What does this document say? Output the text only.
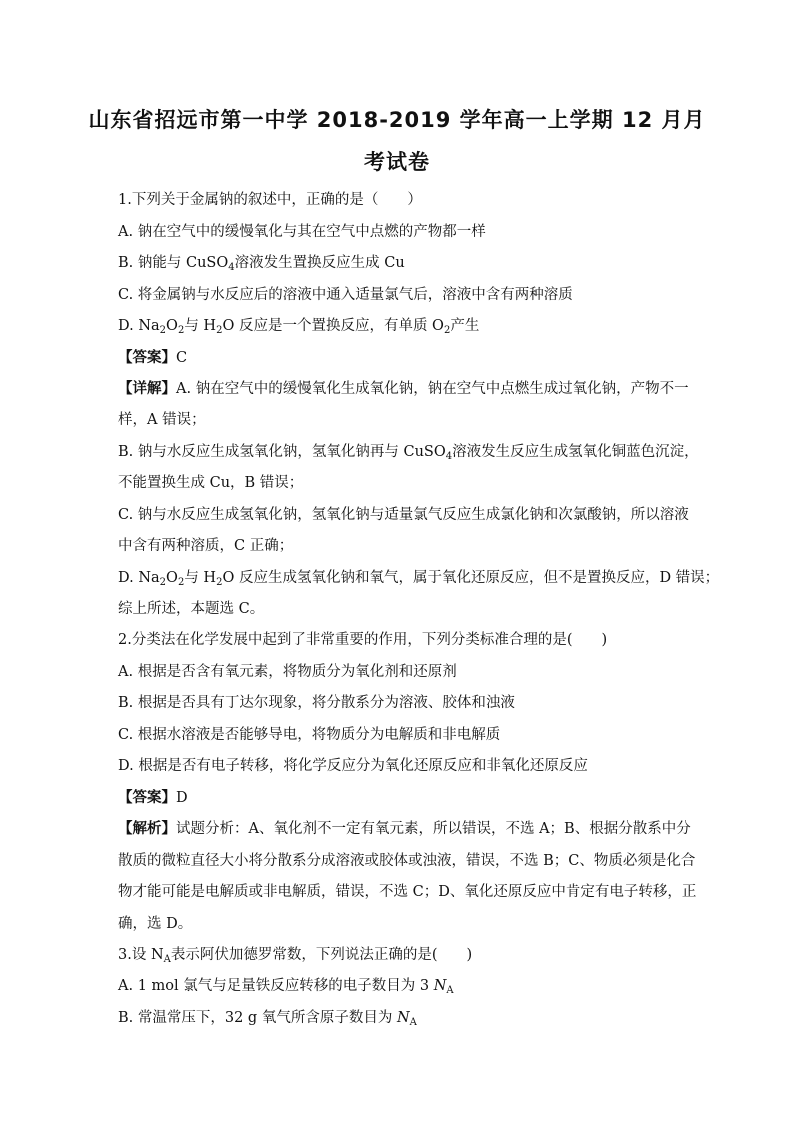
山东省招远市第一中学 2018-2019 学年高一上学期 12 月月
考试卷
1.下列关于金属钠的叙述中，正确的是（　　）
A. 钠在空气中的缓慢氧化与其在空气中点燃的产物都一样
B. 钠能与 CuSO$_4$溶液发生置换反应生成 Cu
C. 将金属钠与水反应后的溶液中通入适量氯气后，溶液中含有两种溶质
D. $Na_2O_2$与 $H_2O$ 反应是一个置换反应，有单质 $O_2$产生
【答案】C
【详解】A. 钠在空气中的缓慢氧化生成氧化钠，钠在空气中点燃生成过氧化钠，产物不一
样，A 错误；
B. 钠与水反应生成氢氧化钠，氢氧化钠再与 CuSO$_4$溶液发生反应生成氢氧化铜蓝色沉淀，
不能置换生成 Cu，B 错误；
C. 钠与水反应生成氢氧化钠，氢氧化钠与适量氯气反应生成氯化钠和次氯酸钠，所以溶液
中含有两种溶质，C 正确；
D. $Na_2O_2$与 $H_2O$ 反应生成氢氧化钠和氧气，属于氧化还原反应，但不是置换反应，D 错误；
综上所述，本题选 C。
2.分类法在化学发展中起到了非常重要的作用，下列分类标准合理的是(　　)
A. 根据是否含有氧元素，将物质分为氧化剂和还原剂
B. 根据是否具有丁达尔现象，将分散系分为溶液、胶体和浊液
C. 根据水溶液是否能够导电，将物质分为电解质和非电解质
D. 根据是否有电子转移，将化学反应分为氧化还原反应和非氧化还原反应
【答案】D
【解析】试题分析：A、氧化剂不一定有氧元素，所以错误，不选 A；B、根据分散系中分
散质的微粒直径大小将分散系分成溶液或胶体或浊液，错误，不选 B；C、物质必须是化合
物才能可能是电解质或非电解质，错误，不选 C；D、氧化还原反应中肯定有电子转移，正
确，选 D。
3.设 $N_A$表示阿伏加德罗常数，下列说法正确的是(　　)
A. 1 mol 氯气与足量铁反应转移的电子数目为 3 $N_A$
B. 常温常压下，32 g 氧气所含原子数目为 $N_A$
